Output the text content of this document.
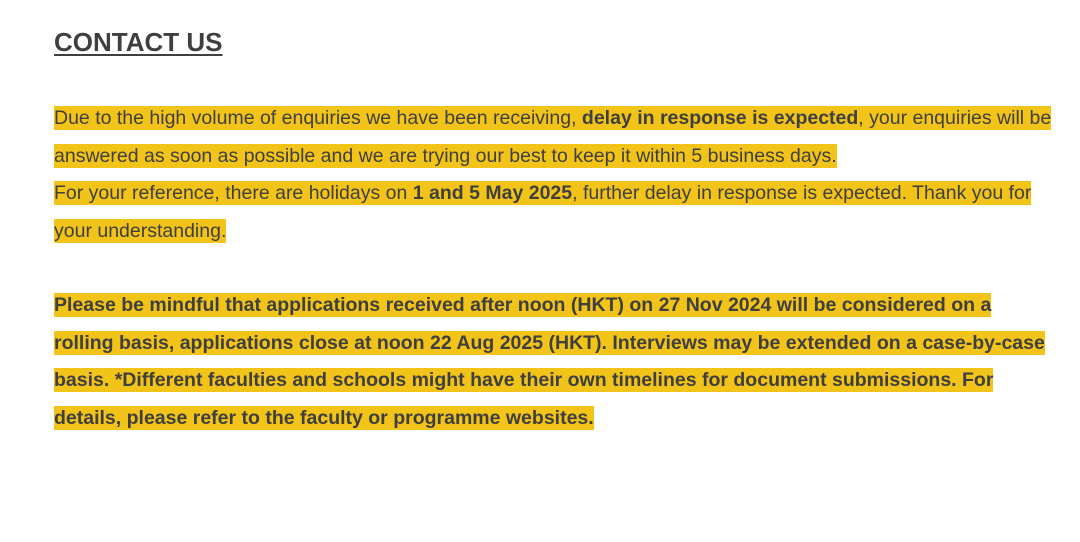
CONTACT US

Due to the high volume of enquiries we have been receiving, delay in response is expected, your enquiries will be answered as soon as possible and we are trying our best to keep it within 5 business days.

For your reference, there are holidays on 1 and 5 May 2025, further delay in response is expected. Thank you for your understanding.

Please be mindful that applications received after noon (HKT) on 27 Nov 2024 will be considered on a rolling basis, applications close at noon 22 Aug 2025 (HKT). Interviews may be extended on a case-by-case basis. *Different faculties and schools might have their own timelines for document submissions. For details, please refer to the faculty or programme websites.
